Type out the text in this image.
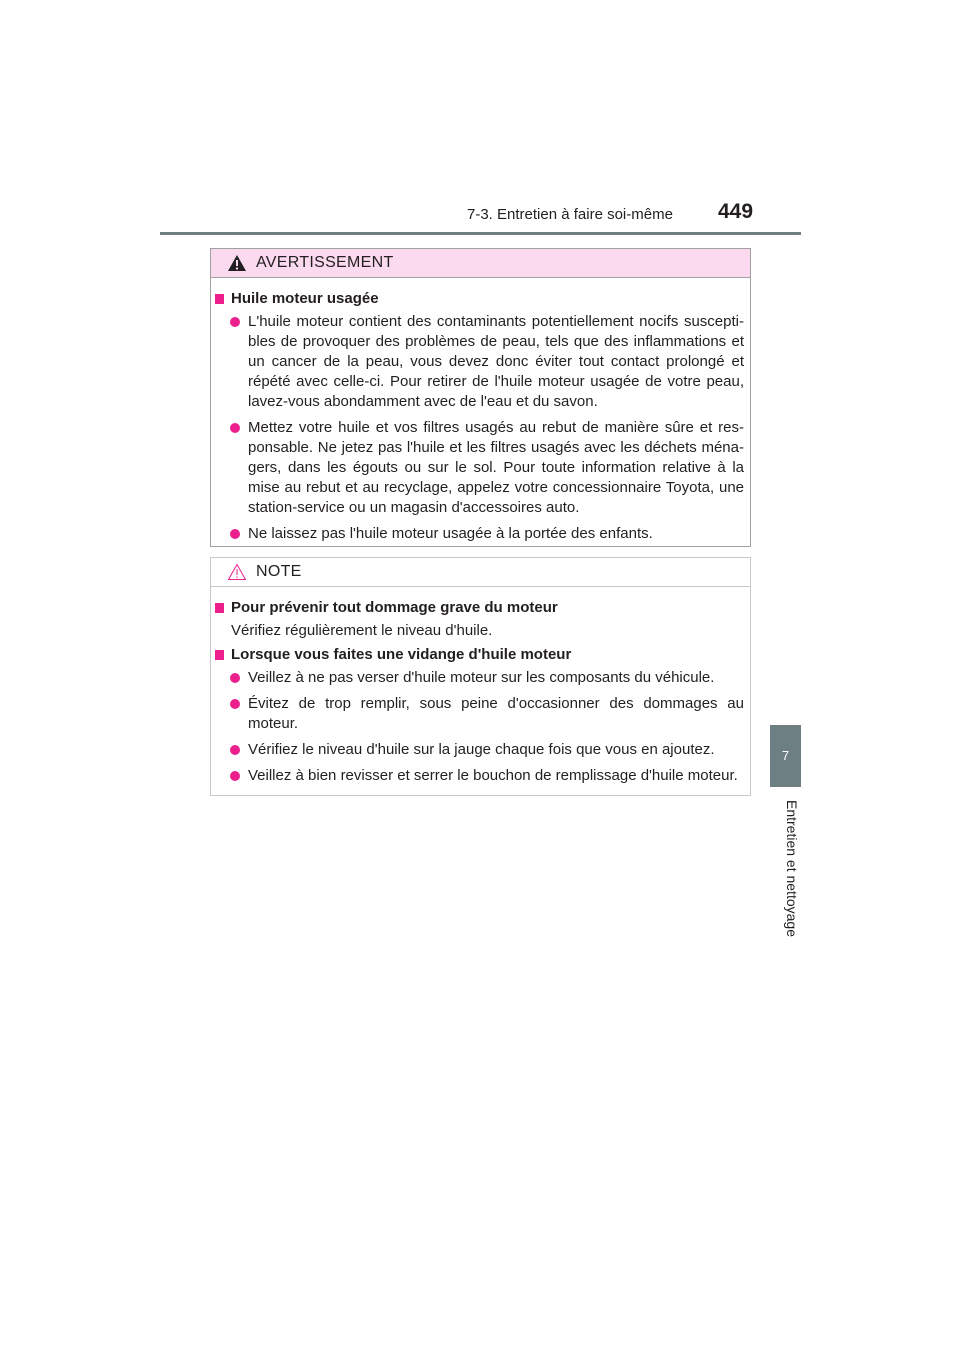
7-3. Entretien à faire soi-même 449
7
Entretien et nettoyage
AVERTISSEMENT
Huile moteur usagée
L'huile moteur contient des contaminants potentiellement nocifs suscepti-bles de provoquer des problèmes de peau, tels que des inflammations et un cancer de la peau, vous devez donc éviter tout contact prolongé et répété avec celle-ci. Pour retirer de l'huile moteur usagée de votre peau, lavez-vous abondamment avec de l'eau et du savon.
Mettez votre huile et vos filtres usagés au rebut de manière sûre et res-ponsable. Ne jetez pas l'huile et les filtres usagés avec les déchets ména-gers, dans les égouts ou sur le sol. Pour toute information relative à la mise au rebut et au recyclage, appelez votre concessionnaire Toyota, une station-service ou un magasin d'accessoires auto.
Ne laissez pas l'huile moteur usagée à la portée des enfants.
NOTE
Pour prévenir tout dommage grave du moteur
Vérifiez régulièrement le niveau d'huile.
Lorsque vous faites une vidange d'huile moteur
Veillez à ne pas verser d'huile moteur sur les composants du véhicule.
Évitez de trop remplir, sous peine d'occasionner des dommages au moteur.
Vérifiez le niveau d'huile sur la jauge chaque fois que vous en ajoutez.
Veillez à bien revisser et serrer le bouchon de remplissage d'huile moteur.
